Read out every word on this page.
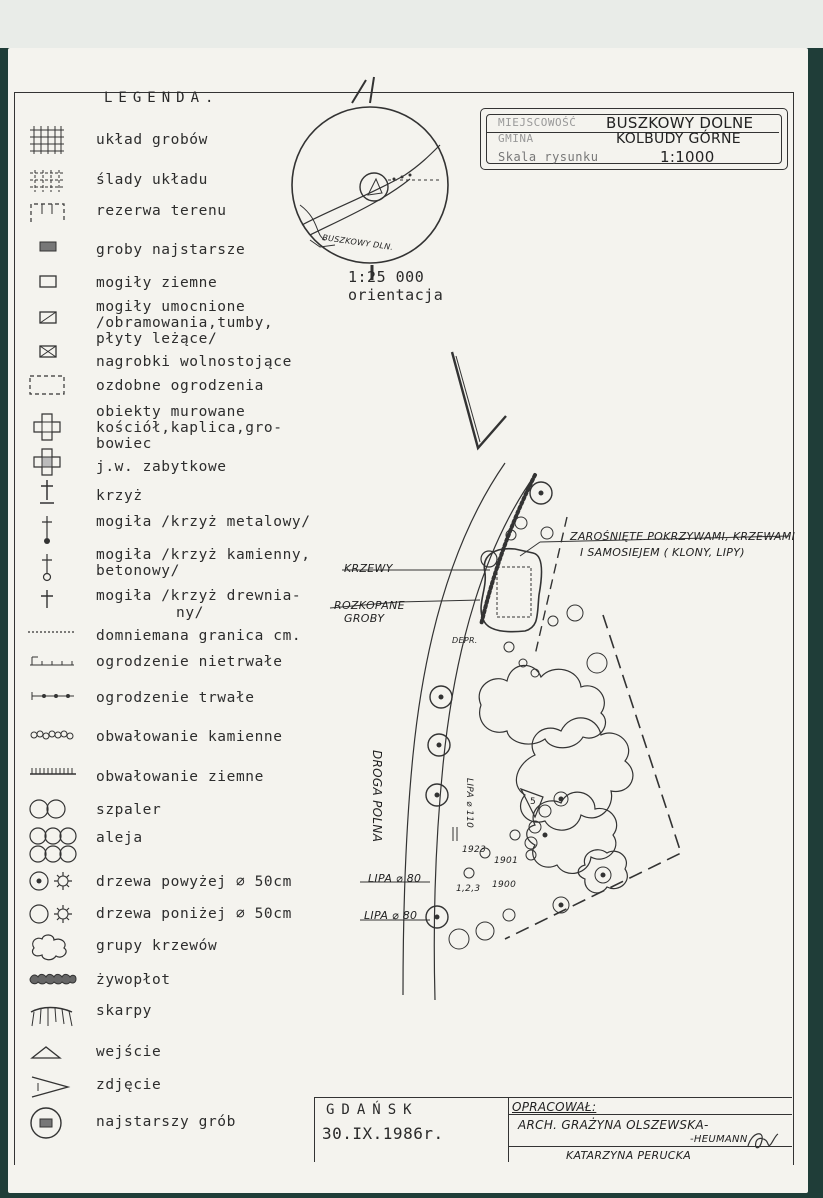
LEGENDA.
układ grobów
ślady układu
rezerwa terenu
groby najstarsze
mogiły ziemne
mogiły umocnione
/obramowania,tumby,
płyty leżące/
nagrobki wolnostojące
ozdobne ogrodzenia
obiekty murowane
kościół,kaplica,gro-
bowiec
j.w. zabytkowe
krzyż
mogiła /krzyż metalowy/
mogiła /krzyż kamienny,
betonowy/
mogiła /krzyż drewnia-
ny/
domniemana granica cm.
ogrodzenie nietrwałe
ogrodzenie trwałe
obwałowanie kamienne
obwałowanie ziemne
szpaler
aleja
drzewa powyżej ⌀ 50cm
drzewa poniżej ⌀ 50cm
grupy krzewów
żywopłot
skarpy
wejście
zdjęcie
najstarszy grób
BUSZKOWY DLN.
1:25 000
orientacja
MIEJSCOWOŚĆ BUSZKOWY DOLNE
GMINA	KOLBUDY GÓRNE
Skala rysunku	1:1000
ZAROŚNIĘTE POKRZYWAMI, KRZEWAMI
I SAMOSIEJEM ( KLONY, LIPY)
KRZEWY
ROZKOPANE
GROBY
DEPR.
DROGA POLNA	LIPA ⌀ 110
LIPA ⌀ 80
LIPA ⌀ 80
1923
1901
1900
1,2,3
5
GDAŃSK
30.IX.1986r.
OPRACOWAŁ:
ARCH. GRAŻYNA OLSZEWSKA-
-HEUMANN
KATARZYNA PERUCKA
